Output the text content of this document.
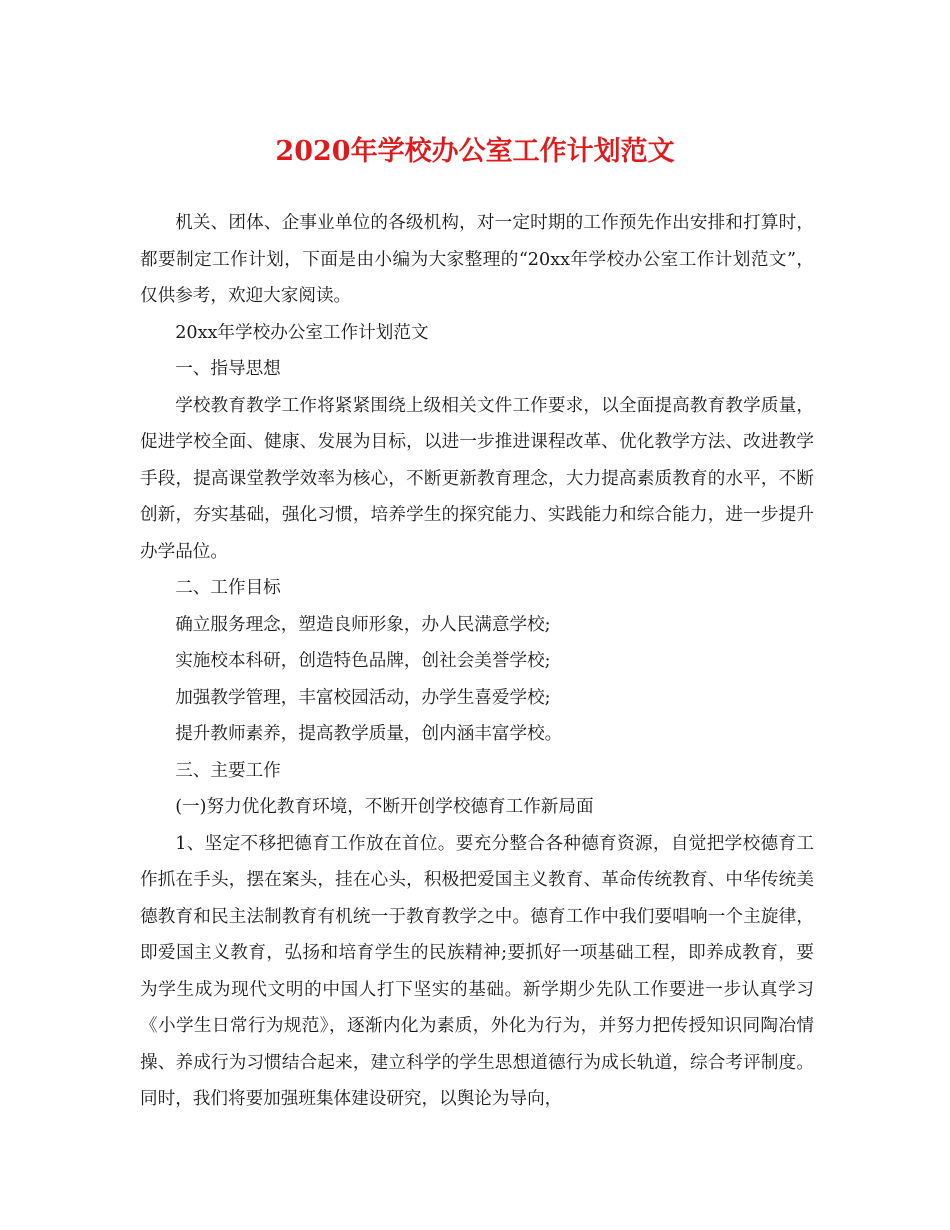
2020年学校办公室工作计划范文

机关、团体、企事业单位的各级机构，对一定时期的工作预先作出安排和打算时，都要制定工作计划，下面是由小编为大家整理的“20xx年学校办公室工作计划范文”，仅供参考，欢迎大家阅读。

20xx年学校办公室工作计划范文

一、指导思想

学校教育教学工作将紧紧围绕上级相关文件工作要求，以全面提高教育教学质量，促进学校全面、健康、发展为目标，以进一步推进课程改革、优化教学方法、改进教学手段，提高课堂教学效率为核心，不断更新教育理念，大力提高素质教育的水平，不断创新，夯实基础，强化习惯，培养学生的探究能力、实践能力和综合能力，进一步提升办学品位。

二、工作目标

确立服务理念，塑造良师形象，办人民满意学校;

实施校本科研，创造特色品牌，创社会美誉学校;

加强教学管理，丰富校园活动，办学生喜爱学校;

提升教师素养，提高教学质量，创内涵丰富学校。

三、主要工作

(一)努力优化教育环境，不断开创学校德育工作新局面

1、坚定不移把德育工作放在首位。要充分整合各种德育资源，自觉把学校德育工作抓在手头，摆在案头，挂在心头，积极把爱国主义教育、革命传统教育、中华传统美德教育和民主法制教育有机统一于教育教学之中。德育工作中我们要唱响一个主旋律，即爱国主义教育，弘扬和培育学生的民族精神;要抓好一项基础工程，即养成教育，要为学生成为现代文明的中国人打下坚实的基础。新学期少先队工作要进一步认真学习《小学生日常行为规范》，逐渐内化为素质，外化为行为，并努力把传授知识同陶冶情操、养成行为习惯结合起来，建立科学的学生思想道德行为成长轨道，综合考评制度。同时，我们将要加强班集体建设研究，以舆论为导向，
